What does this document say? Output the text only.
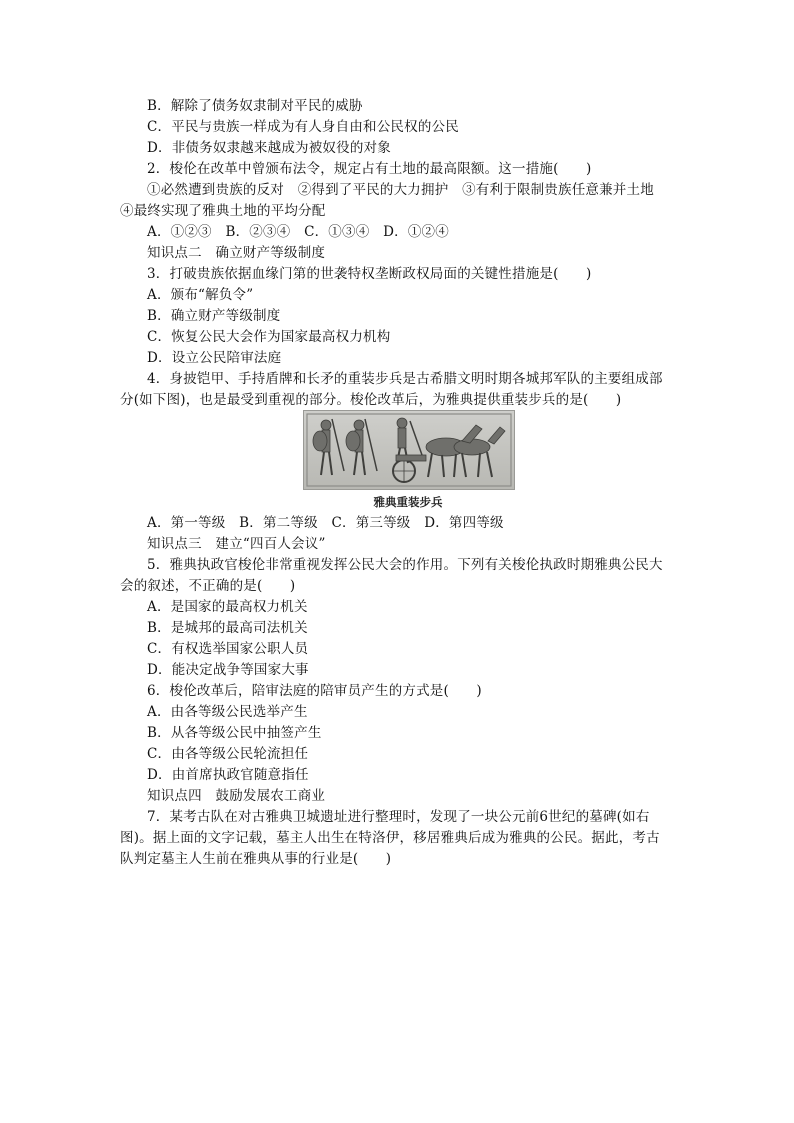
B．解除了债务奴隶制对平民的威胁
C．平民与贵族一样成为有人身自由和公民权的公民
D．非债务奴隶越来越成为被奴役的对象
2．梭伦在改革中曾颁布法令，规定占有土地的最高限额。这一措施(　　)
①必然遭到贵族的反对　②得到了平民的大力拥护　③有利于限制贵族任意兼并土地
④最终实现了雅典土地的平均分配
A．①②③　B．②③④　C．①③④　D．①②④
知识点二　确立财产等级制度
3．打破贵族依据血缘门第的世袭特权垄断政权局面的关键性措施是(　　)
A．颁布“解负令”
B．确立财产等级制度
C．恢复公民大会作为国家最高权力机构
D．设立公民陪审法庭
4．身披铠甲、手持盾牌和长矛的重装步兵是古希腊文明时期各城邦军队的主要组成部
分(如下图)，也是最受到重视的部分。梭伦改革后，为雅典提供重装步兵的是(　　)
雅典重装步兵
A．第一等级　B．第二等级　C．第三等级　D．第四等级
知识点三　建立“四百人会议”
5．雅典执政官梭伦非常重视发挥公民大会的作用。下列有关梭伦执政时期雅典公民大
会的叙述，不正确的是(　　)
A．是国家的最高权力机关
B．是城邦的最高司法机关
C．有权选举国家公职人员
D．能决定战争等国家大事
6．梭伦改革后，陪审法庭的陪审员产生的方式是(　　)
A．由各等级公民选举产生
B．从各等级公民中抽签产生
C．由各等级公民轮流担任
D．由首席执政官随意指任
知识点四　鼓励发展农工商业
7．某考古队在对古雅典卫城遗址进行整理时，发现了一块公元前6世纪的墓碑(如右
图)。据上面的文字记载，墓主人出生在特洛伊，移居雅典后成为雅典的公民。据此，考古
队判定墓主人生前在雅典从事的行业是(　　)
